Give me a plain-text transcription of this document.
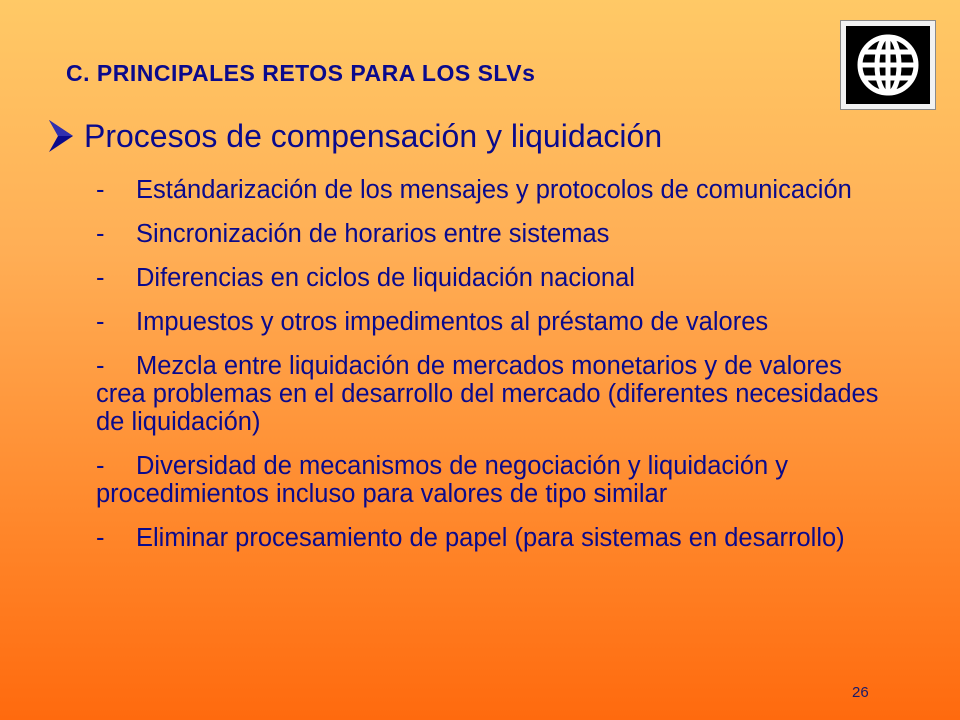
C. PRINCIPALES RETOS PARA LOS SLVs
Procesos de compensación y liquidación
- Estándarización de los mensajes y protocolos de comunicación
- Sincronización de horarios entre sistemas
- Diferencias en ciclos de liquidación nacional
- Impuestos y otros impedimentos al préstamo de valores
- Mezcla entre liquidación de mercados monetarios y de valores crea problemas en el desarrollo del mercado (diferentes necesidades de liquidación)
- Diversidad de mecanismos de negociación y liquidación y procedimientos incluso para valores de tipo similar
- Eliminar procesamiento de papel (para sistemas en desarrollo)
26
